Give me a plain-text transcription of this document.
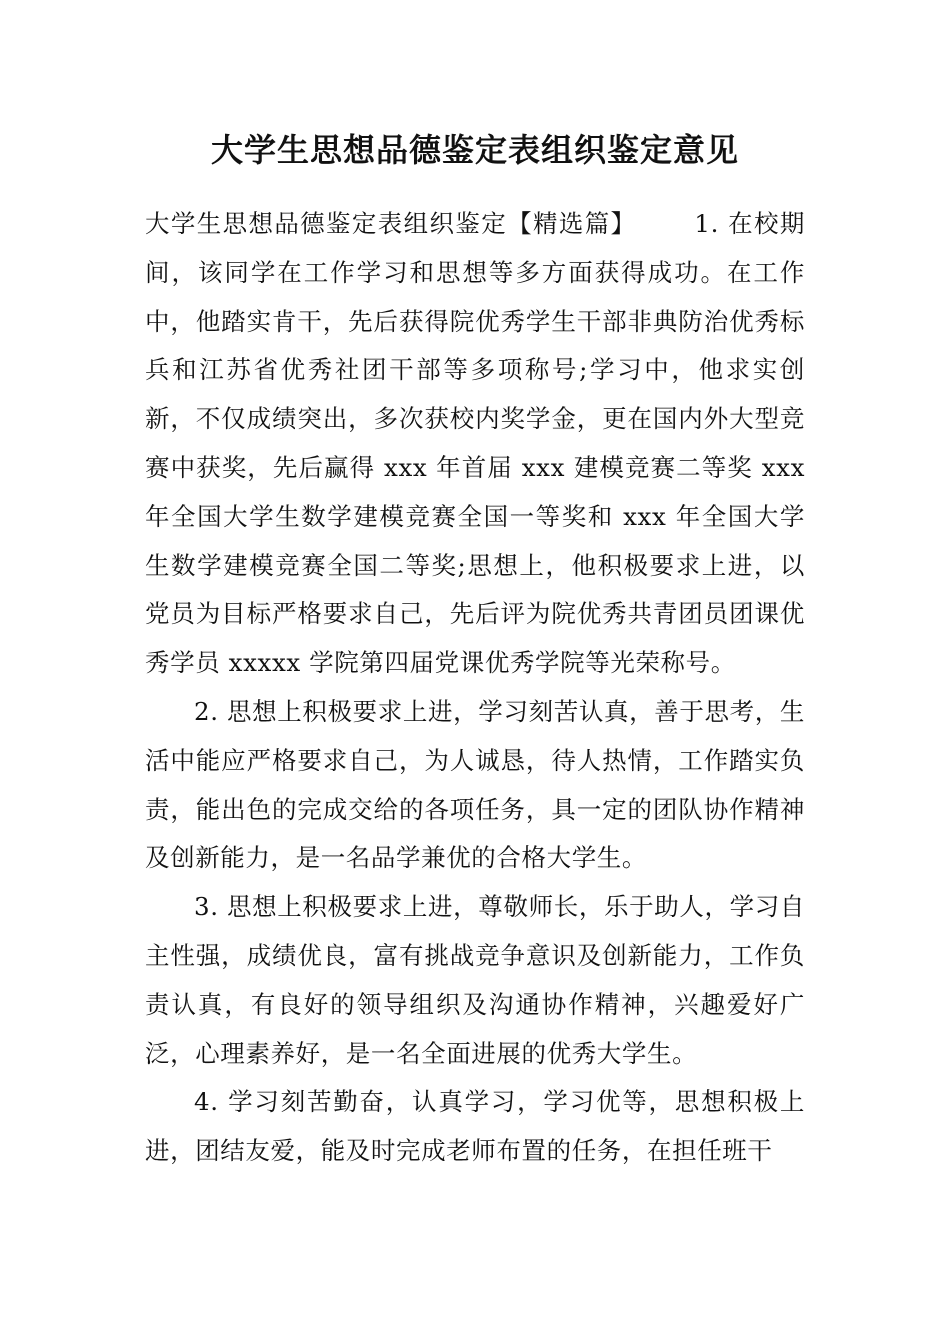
大学生思想品德鉴定表组织鉴定意见

大学生思想品德鉴定表组织鉴定【精选篇】 1. 在校期间，该同学在工作学习和思想等多方面获得成功。在工作中，他踏实肯干，先后获得院优秀学生干部非典防治优秀标兵和江苏省优秀社团干部等多项称号;学习中，他求实创新，不仅成绩突出，多次获校内奖学金，更在国内外大型竞赛中获奖，先后赢得 xxx 年首届 xxx 建模竞赛二等奖 xxx 年全国大学生数学建模竞赛全国一等奖和 xxx 年全国大学生数学建模竞赛全国二等奖;思想上，他积极要求上进，以党员为目标严格要求自己，先后评为院优秀共青团员团课优秀学员 xxxxx 学院第四届党课优秀学院等光荣称号。

2. 思想上积极要求上进，学习刻苦认真，善于思考，生活中能应严格要求自己，为人诚恳，待人热情，工作踏实负责，能出色的完成交给的各项任务，具一定的团队协作精神及创新能力，是一名品学兼优的合格大学生。

3. 思想上积极要求上进，尊敬师长，乐于助人，学习自主性强，成绩优良，富有挑战竞争意识及创新能力，工作负责认真，有良好的领导组织及沟通协作精神，兴趣爱好广泛，心理素养好，是一名全面进展的优秀大学生。

4. 学习刻苦勤奋，认真学习，学习优等，思想积极上进，团结友爱，能及时完成老师布置的任务，在担任班干
